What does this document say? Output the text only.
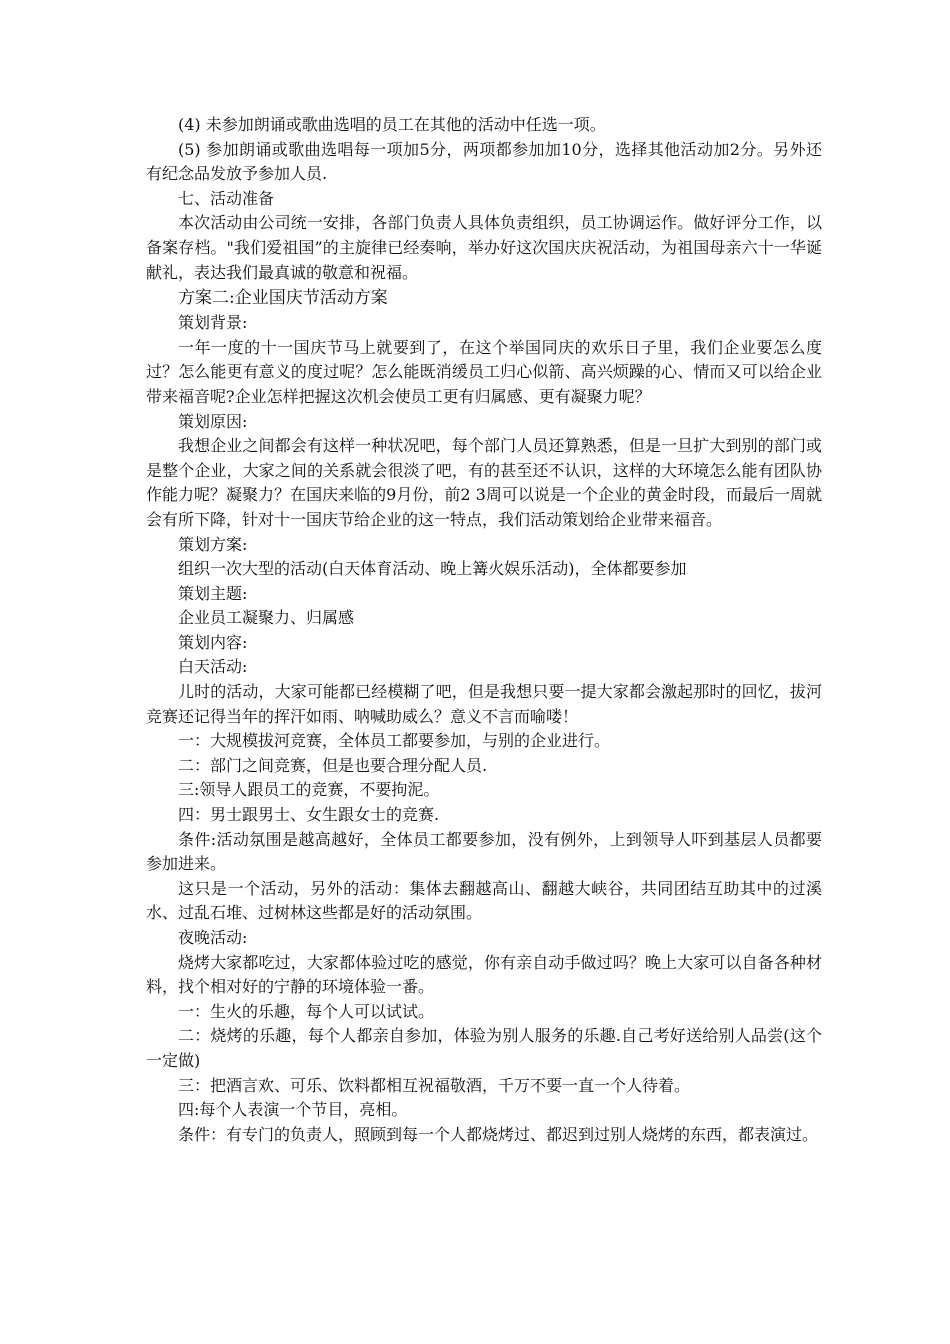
(4) 未参加朗诵或歌曲选唱的员工在其他的活动中任选一项。

(5) 参加朗诵或歌曲选唱每一项加5分，两项都参加加10分，选择其他活动加2分。另外还有纪念品发放予参加人员.

七、活动准备

本次活动由公司统一安排，各部门负责人具体负责组织，员工协调运作。做好评分工作，以备案存档。"我们爱祖国”的主旋律已经奏响，举办好这次国庆庆祝活动，为祖国母亲六十一华诞献礼，表达我们最真诚的敬意和祝福。

方案二:企业国庆节活动方案

策划背景:

一年一度的十一国庆节马上就要到了，在这个举国同庆的欢乐日子里，我们企业要怎么度过？怎么能更有意义的度过呢？怎么能既消缓员工归心似箭、高兴烦躁的心、情而又可以给企业带来福音呢?企业怎样把握这次机会使员工更有归属感、更有凝聚力呢？

策划原因:

我想企业之间都会有这样一种状况吧，每个部门人员还算熟悉，但是一旦扩大到别的部门或是整个企业，大家之间的关系就会很淡了吧，有的甚至还不认识，这样的大环境怎么能有团队协作能力呢？凝聚力？在国庆来临的9月份，前2 3周可以说是一个企业的黄金时段，而最后一周就会有所下降，针对十一国庆节给企业的这一特点，我们活动策划给企业带来福音。

策划方案:

组织一次大型的活动(白天体育活动、晚上篝火娱乐活动)，全体都要参加

策划主题:

企业员工凝聚力、归属感

策划内容:

白天活动:

儿时的活动，大家可能都已经模糊了吧，但是我想只要一提大家都会激起那时的回忆，拔河竞赛还记得当年的挥汗如雨、呐喊助威么？意义不言而喻喽！

一：大规模拔河竞赛，全体员工都要参加，与别的企业进行。

二：部门之间竞赛，但是也要合理分配人员.

三:领导人跟员工的竞赛，不要拘泥。

四：男士跟男士、女生跟女士的竞赛.

条件:活动氛围是越高越好，全体员工都要参加，没有例外，上到领导人吓到基层人员都要参加进来。

这只是一个活动，另外的活动：集体去翻越高山、翻越大峡谷，共同团结互助其中的过溪水、过乱石堆、过树林这些都是好的活动氛围。

夜晚活动:

烧烤大家都吃过，大家都体验过吃的感觉，你有亲自动手做过吗？晚上大家可以自备各种材料，找个相对好的宁静的环境体验一番。

一：生火的乐趣，每个人可以试试。

二：烧烤的乐趣，每个人都亲自参加，体验为别人服务的乐趣.自己考好送给别人品尝(这个一定做)

三：把酒言欢、可乐、饮料都相互祝福敬酒，千万不要一直一个人待着。

四:每个人表演一个节目，亮相。

条件：有专门的负责人，照顾到每一个人都烧烤过、都迟到过别人烧烤的东西，都表演过。
